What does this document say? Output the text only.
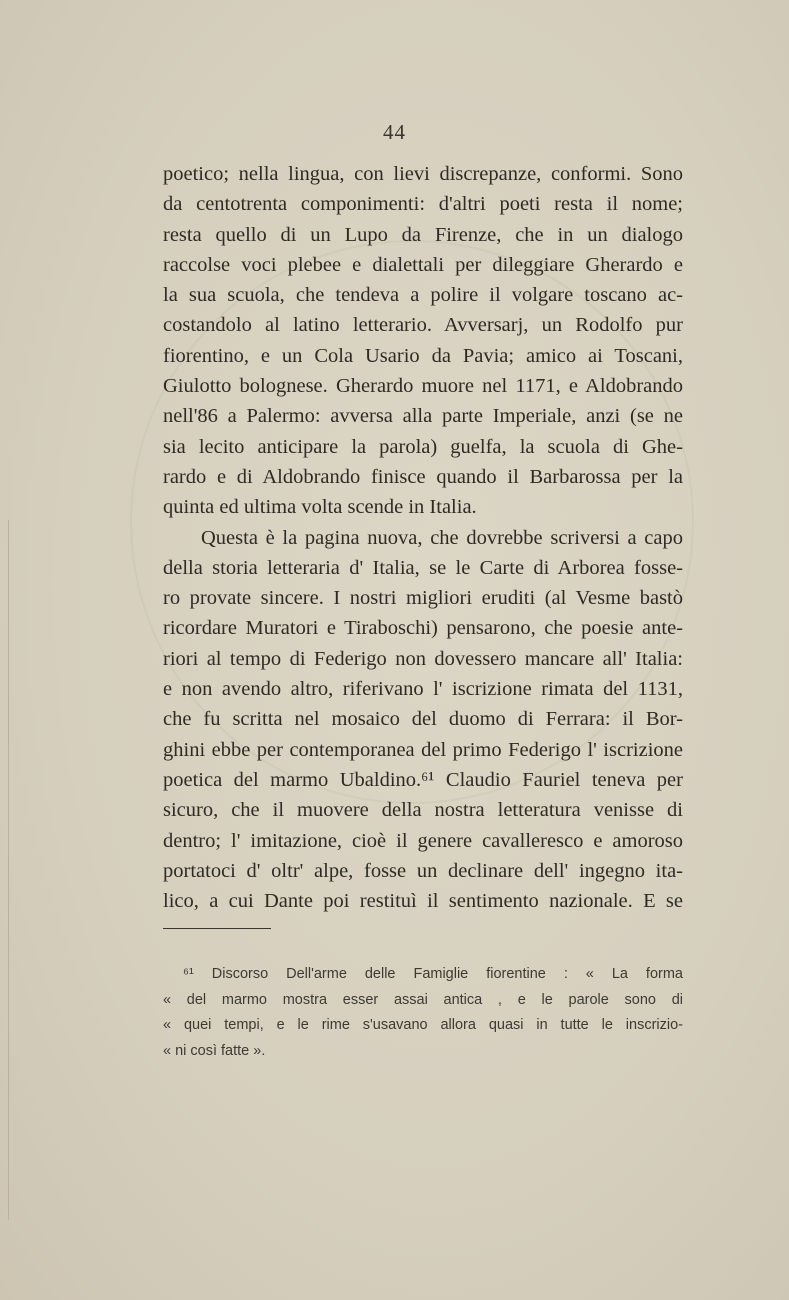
44
poetico; nella lingua, con lievi discrepanze, conformi. Sono
da centotrenta componimenti: d'altri poeti resta il nome;
resta quello di un Lupo da Firenze, che in un dialogo
raccolse voci plebee e dialettali per dileggiare Gherardo e
la sua scuola, che tendeva a polire il volgare toscano ac-
costandolo al latino letterario. Avversarj, un Rodolfo pur
fiorentino, e un Cola Usario da Pavia; amico ai Toscani,
Giulotto bolognese. Gherardo muore nel 1171, e Aldobrando
nell'86 a Palermo: avversa alla parte Imperiale, anzi (se ne
sia lecito anticipare la parola) guelfa, la scuola di Ghe-
rardo e di Aldobrando finisce quando il Barbarossa per la
quinta ed ultima volta scende in Italia.
Questa è la pagina nuova, che dovrebbe scriversi a capo
della storia letteraria d' Italia, se le Carte di Arborea fosse-
ro provate sincere. I nostri migliori eruditi (al Vesme bastò
ricordare Muratori e Tiraboschi) pensarono, che poesie ante-
riori al tempo di Federigo non dovessero mancare all' Italia:
e non avendo altro, riferivano l' iscrizione rimata del 1131,
che fu scritta nel mosaico del duomo di Ferrara: il Bor-
ghini ebbe per contemporanea del primo Federigo l' iscrizione
poetica del marmo Ubaldino.⁶¹ Claudio Fauriel teneva per
sicuro, che il muovere della nostra letteratura venisse di
dentro; l' imitazione, cioè il genere cavalleresco e amoroso
portatoci d' oltr' alpe, fosse un declinare dell' ingegno ita-
lico, a cui Dante poi restituì il sentimento nazionale. E se
⁶¹ Discorso Dell'arme delle Famiglie fiorentine : « La forma
« del marmo mostra esser assai antica , e le parole sono di
« quei tempi, e le rime s'usavano allora quasi in tutte le inscrizio-
« ni così fatte ».
